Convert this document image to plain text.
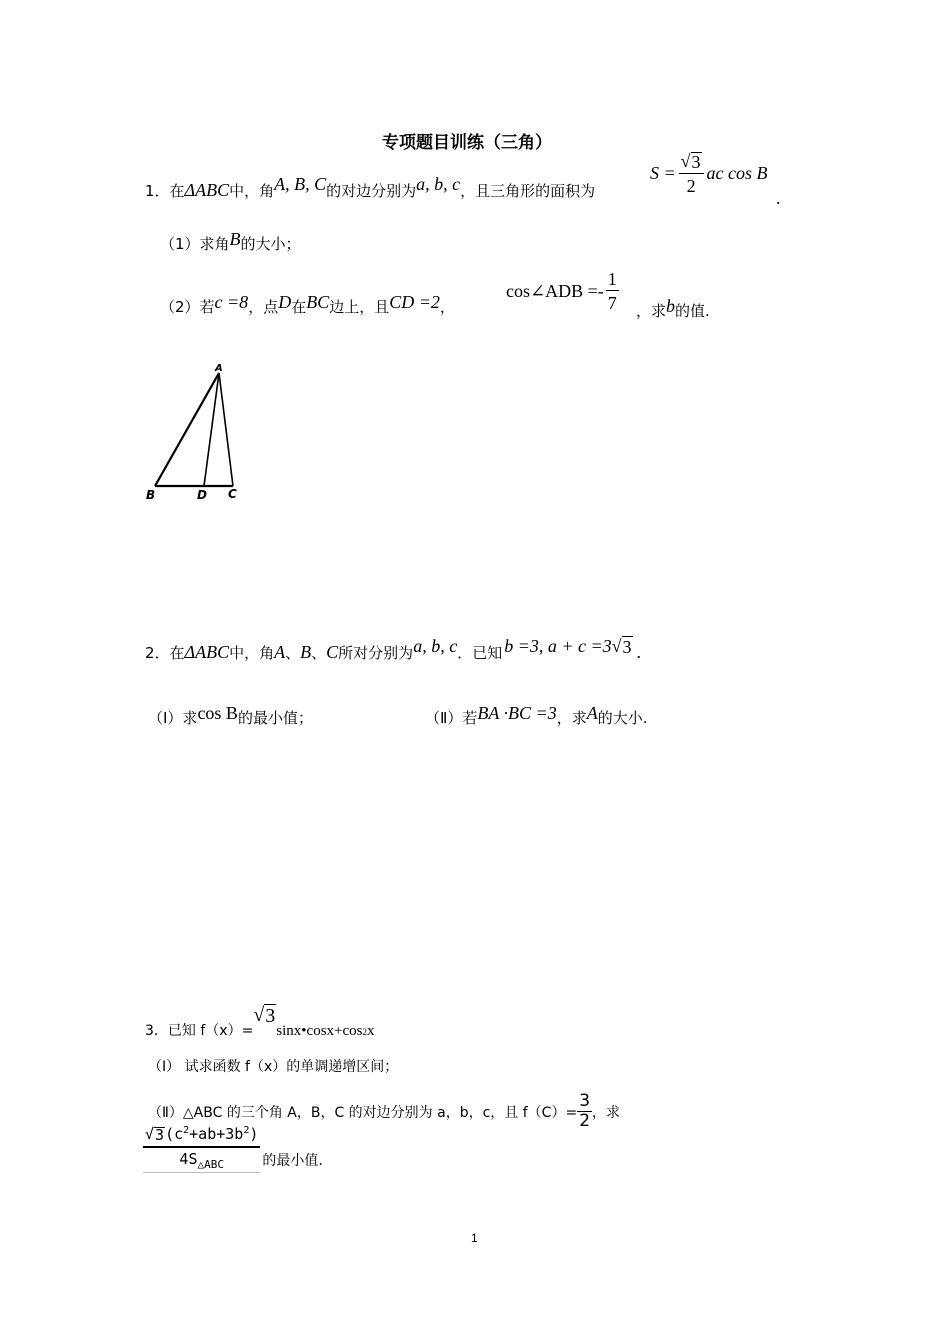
专项题目训练（三角）
1．在 ΔABC 中，角 A, B, C 的对边分别为 a, b, c ，且三角形的面积为
$S = \frac{√ 3}{2}$ ac cos B
.
（1）求角 B 的大小；
（2）若 c =8 ，点 D 在 BC 边上，且 CD =2 ，
cos∠ADB =- $\frac{1}{7}$ ，求 b 的值.
A
B	D C
2．在 ΔABC 中，角 A 、 B 、 C 所对分别为 a, b, c ．已知 b =3, a + c =3 √ 3 .
（Ⅰ）求 cos B 的最小值；	（Ⅱ）若 BA ·BC =3 ，求 A 的大小.
3．已知 f（x）=
√ 3
sinx•cosx+cos 2 x
（Ⅰ） 试求函数 f（x）的单调递增区间；
（Ⅱ）△ABC 的三个角 A，B，C 的对边分别为 a，b，c，且 $f(C)= \frac{3}{2}$ ，求
$\frac{√ 3 (c^2+ab+3b^2)}{4S_{\triangle ABC}}$ 的最小值.
1
